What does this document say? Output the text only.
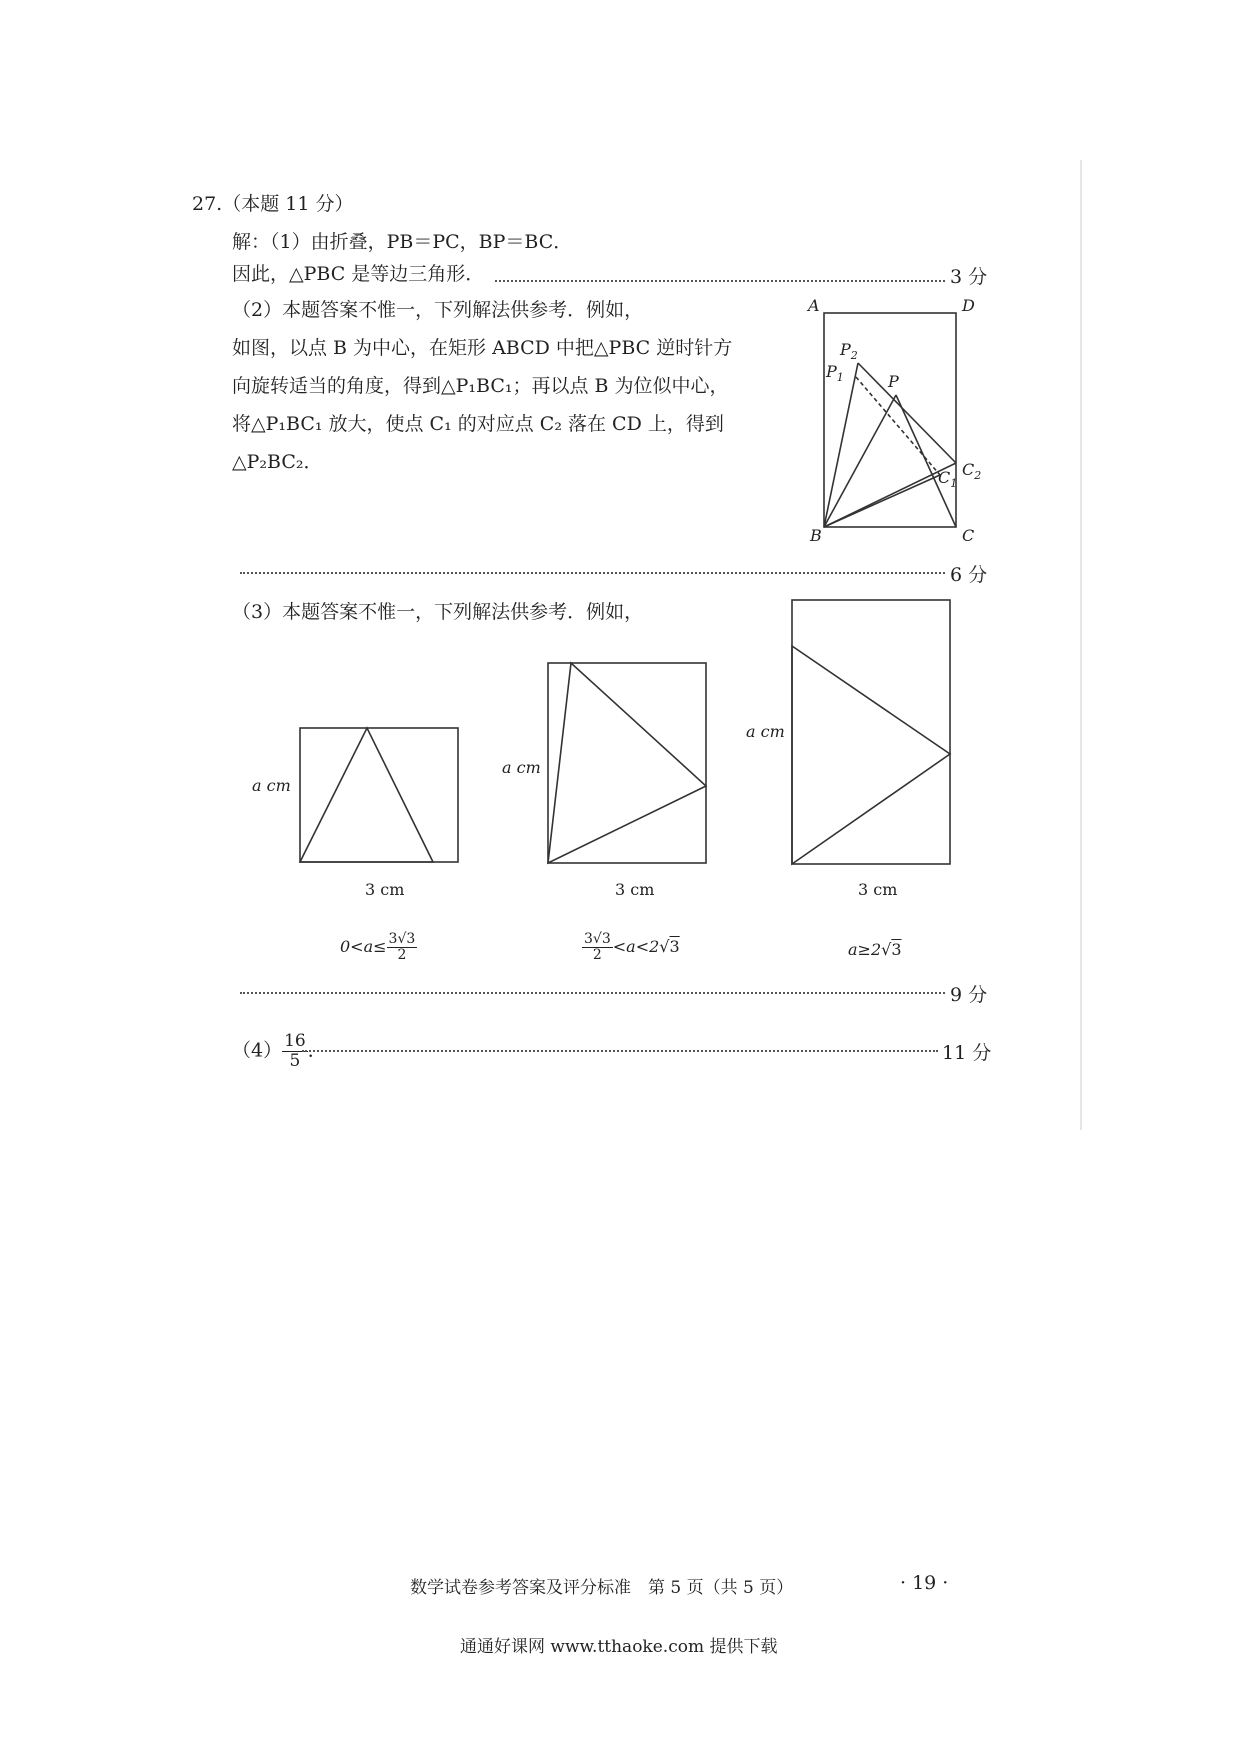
27.（本题 11 分）
解：（1）由折叠，PB＝PC，BP＝BC．
因此，△PBC 是等边三角形．	3 分
（2）本题答案不惟一，下列解法供参考．例如，
如图，以点 B 为中心，在矩形 ABCD 中把△PBC 逆时针方
向旋转适当的角度，得到△P₁BC₁；再以点 B 为位似中心，
将△P₁BC₁ 放大，使点 C₁ 的对应点 C₂ 落在 CD 上，得到
△P₂BC₂．
A	D
B	C
P
$P_2$
$P_1$
$C_1$
$C_2$
6 分
（3）本题答案不惟一，下列解法供参考．例如，
a cm
3 cm
$0<a\le \frac{3√3}{2}$
a cm
3 cm
$\frac{3√3}{2} <a<2√3$
a cm
3 cm
a≥2√3
9 分
$(4) \frac{16}{5}$ ．	11 分
数学试卷参考答案及评分标准　第 5 页（共 5 页）	· 19 ·
通通好课网 www.tthaoke.com 提供下载
